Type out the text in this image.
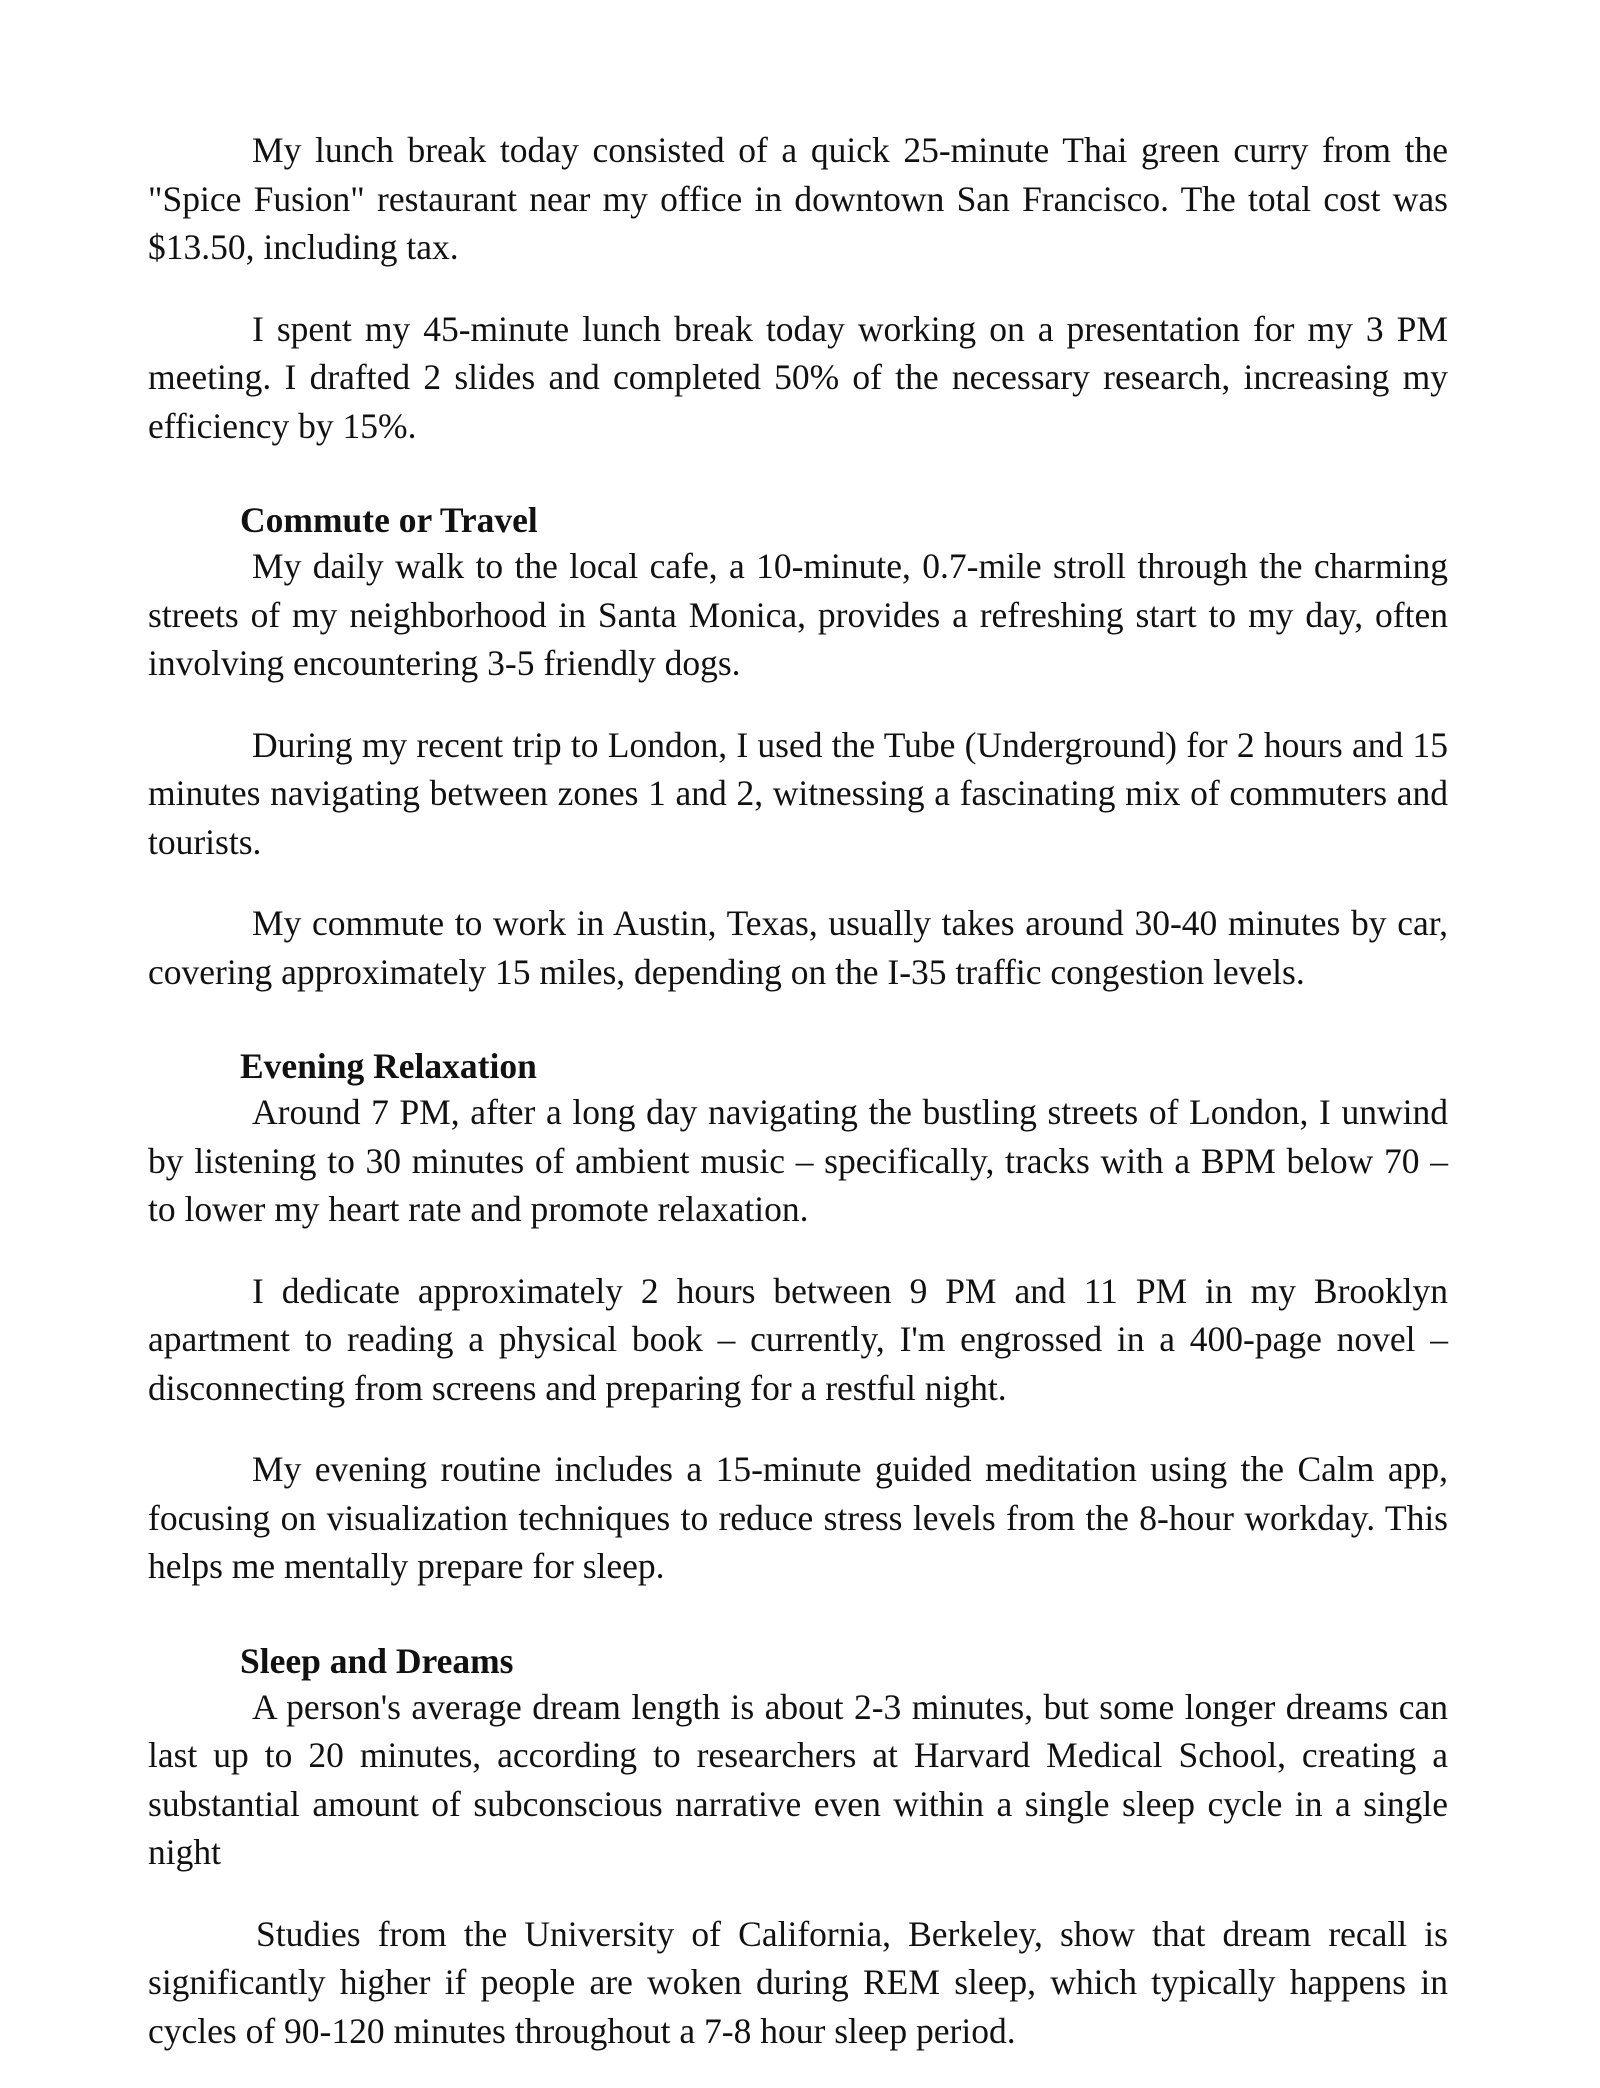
My lunch break today consisted of a quick 25-minute Thai green curry from the "Spice Fusion" restaurant near my office in downtown San Francisco. The total cost was $13.50, including tax.

I spent my 45-minute lunch break today working on a presentation for my 3 PM meeting. I drafted 2 slides and completed 50% of the necessary research, increasing my efficiency by 15%.

Commute or Travel

My daily walk to the local cafe, a 10-minute, 0.7-mile stroll through the charming streets of my neighborhood in Santa Monica, provides a refreshing start to my day, often involving encountering 3-5 friendly dogs.

During my recent trip to London, I used the Tube (Underground) for 2 hours and 15 minutes navigating between zones 1 and 2, witnessing a fascinating mix of commuters and tourists.

My commute to work in Austin, Texas, usually takes around 30-40 minutes by car, covering approximately 15 miles, depending on the I-35 traffic congestion levels.

Evening Relaxation

Around 7 PM, after a long day navigating the bustling streets of London, I unwind by listening to 30 minutes of ambient music – specifically, tracks with a BPM below 70 – to lower my heart rate and promote relaxation.

I dedicate approximately 2 hours between 9 PM and 11 PM in my Brooklyn apartment to reading a physical book – currently, I'm engrossed in a 400-page novel – disconnecting from screens and preparing for a restful night.

My evening routine includes a 15-minute guided meditation using the Calm app, focusing on visualization techniques to reduce stress levels from the 8-hour workday. This helps me mentally prepare for sleep.

Sleep and Dreams

A person's average dream length is about 2-3 minutes, but some longer dreams can last up to 20 minutes, according to researchers at Harvard Medical School, creating a substantial amount of subconscious narrative even within a single sleep cycle in a single night

Studies from the University of California, Berkeley, show that dream recall is significantly higher if people are woken during REM sleep, which typically happens in cycles of 90-120 minutes throughout a 7-8 hour sleep period.
